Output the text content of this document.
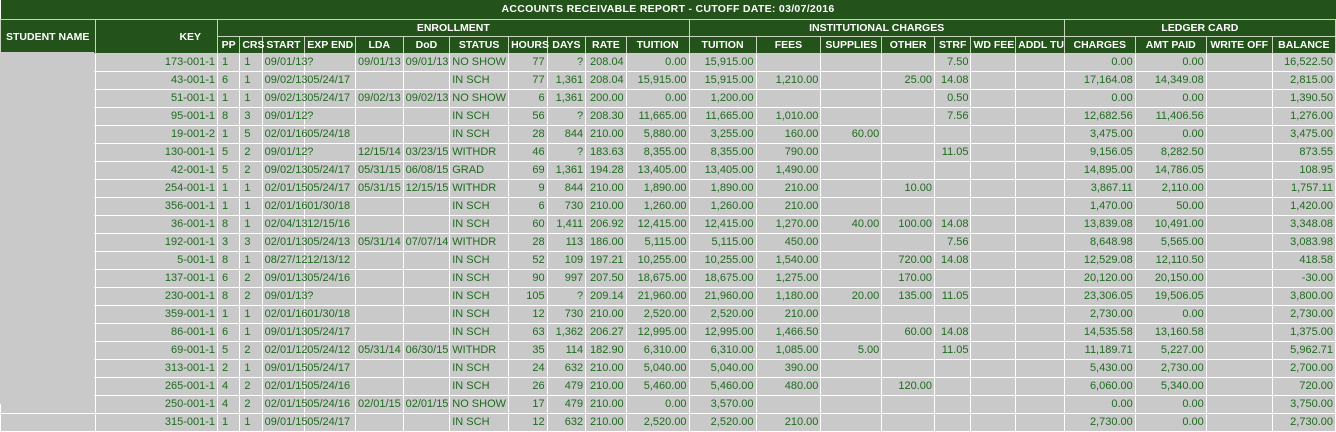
ACCOUNTS RECEIVABLE REPORT - CUTOFF DATE: 03/07/2016																							
STUDENT NAME	KEY	ENROLLMENT											INSTITUTIONAL CHARGES							LEDGER CARD			
		PP	CRS	START	EXP END	LDA	DoD	STATUS	HOURS	DAYS	RATE	TUITION	TUITION	FEES	SUPPLIES	OTHER	STRF	WD FEE	ADDL TU	CHARGES	AMT PAID	WRITE OFF	BALANCE
	173-001-1	1	1	09/01/13	?	09/01/13	09/01/13	NO SHOW	77	?	208.04	0.00	15,915.00				7.50			0.00	0.00		16,522.50
	43-001-1	6	1	09/02/13	05/24/17			IN SCH	77	1,361	208.04	15,915.00	15,915.00	1,210.00		25.00	14.08			17,164.08	14,349.08		2,815.00
	51-001-1	1	1	09/02/13	05/24/17	09/02/13	09/02/13	NO SHOW	6	1,361	200.00	0.00	1,200.00				0.50			0.00	0.00		1,390.50
	95-001-1	8	3	09/01/12	?			IN SCH	56	?	208.30	11,665.00	11,665.00	1,010.00			7.56			12,682.56	11,406.56		1,276.00
	19-001-2	1	5	02/01/16	05/24/18			IN SCH	28	844	210.00	5,880.00	3,255.00	160.00	60.00					3,475.00	0.00		3,475.00
	130-001-1	5	2	09/01/12	?	12/15/14	03/23/15	WITHDR	46	?	183.63	8,355.00	8,355.00	790.00			11.05			9,156.05	8,282.50		873.55
	42-001-1	5	2	09/02/13	05/24/17	05/31/15	06/08/15	GRAD	69	1,361	194.28	13,405.00	13,405.00	1,490.00						14,895.00	14,786.05		108.95
	254-001-1	1	1	02/01/15	05/24/17	05/31/15	12/15/15	WITHDR	9	844	210.00	1,890.00	1,890.00	210.00		10.00				3,867.11	2,110.00		1,757.11
	356-001-1	1	1	02/01/16	01/30/18			IN SCH	6	730	210.00	1,260.00	1,260.00	210.00						1,470.00	50.00		1,420.00
	36-001-1	8	1	02/04/13	12/15/16			IN SCH	60	1,411	206.92	12,415.00	12,415.00	1,270.00	40.00	100.00	14.08			13,839.08	10,491.00		3,348.08
	192-001-1	3	3	02/01/13	05/24/13	05/31/14	07/07/14	WITHDR	28	113	186.00	5,115.00	5,115.00	450.00			7.56			8,648.98	5,565.00		3,083.98
	5-001-1	8	1	08/27/12	12/13/12			IN SCH	52	109	197.21	10,255.00	10,255.00	1,540.00		720.00	14.08			12,529.08	12,110.50		418.58
	137-001-1	6	2	09/01/13	05/24/16			IN SCH	90	997	207.50	18,675.00	18,675.00	1,275.00		170.00				20,120.00	20,150.00		-30.00
	230-001-1	8	2	09/01/13	?			IN SCH	105	?	209.14	21,960.00	21,960.00	1,180.00	20.00	135.00	11.05			23,306.05	19,506.05		3,800.00
	359-001-1	1	1	02/01/16	01/30/18			IN SCH	12	730	210.00	2,520.00	2,520.00	210.00						2,730.00	0.00		2,730.00
	86-001-1	6	1	09/01/13	05/24/17			IN SCH	63	1,362	206.27	12,995.00	12,995.00	1,466.50		60.00	14.08			14,535.58	13,160.58		1,375.00
	69-001-1	5	2	02/01/12	05/24/12	05/31/14	06/30/15	WITHDR	35	114	182.90	6,310.00	6,310.00	1,085.00	5.00		11.05			11,189.71	5,227.00		5,962.71
	313-001-1	2	1	09/01/15	05/24/17			IN SCH	24	632	210.00	5,040.00	5,040.00	390.00						5,430.00	2,730.00		2,700.00
	265-001-1	4	2	02/01/15	05/24/16			IN SCH	26	479	210.00	5,460.00	5,460.00	480.00		120.00				6,060.00	5,340.00		720.00
	250-001-1	4	2	02/01/15	05/24/16	02/01/15	02/01/15	NO SHOW	17	479	210.00	0.00	3,570.00							0.00	0.00		3,750.00
	315-001-1	1	1	09/01/15	05/24/17			IN SCH	12	632	210.00	2,520.00	2,520.00	210.00						2,730.00	0.00		2,730.00
